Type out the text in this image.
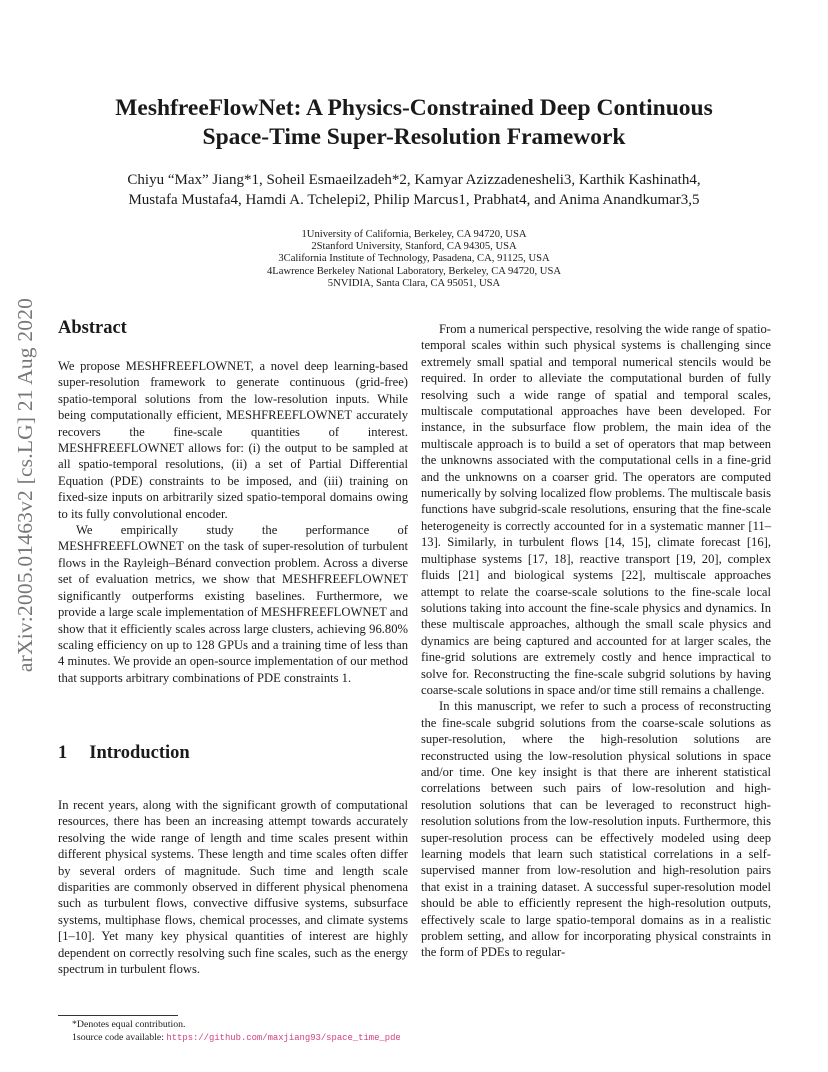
MeshfreeFlowNet: A Physics-Constrained Deep Continuous
Space-Time Super-Resolution Framework
Chiyu “Max” Jiang*1, Soheil Esmaeilzadeh*2, Kamyar Azizzadenesheli3, Karthik Kashinath4,
Mustafa Mustafa4, Hamdi A. Tchelepi2, Philip Marcus1, Prabhat4, and Anima Anandkumar3,5
1University of California, Berkeley, CA 94720, USA
2Stanford University, Stanford, CA 94305, USA
3California Institute of Technology, Pasadena, CA, 91125, USA
4Lawrence Berkeley National Laboratory, Berkeley, CA 94720, USA
5NVIDIA, Santa Clara, CA 95051, USA
arXiv:2005.01463v2 [cs.LG] 21 Aug 2020 Abstract

We propose MESHFREEFLOWNET, a novel deep learning-based super-resolution framework to generate continuous (grid-free) spatio-temporal solutions from the low-resolution inputs. While being computationally efficient, MESHFREEFLOWNET accurately recovers the fine-scale quantities of interest. MESHFREEFLOWNET allows for: (i) the output to be sampled at all spatio-temporal resolutions, (ii) a set of Partial Differential Equation (PDE) constraints to be imposed, and (iii) training on fixed-size inputs on arbitrarily sized spatio-temporal domains owing to its fully convolutional encoder.

We empirically study the performance of MESHFREEFLOWNET on the task of super-resolution of turbulent flows in the Rayleigh–Bénard convection problem. Across a diverse set of evaluation metrics, we show that MESHFREEFLOWNET significantly outperforms existing baselines. Furthermore, we provide a large scale implementation of MESHFREEFLOWNET and show that it efficiently scales across large clusters, achieving 96.80% scaling efficiency on up to 128 GPUs and a training time of less than 4 minutes. We provide an open-source implementation of our method that supports arbitrary combinations of PDE constraints 1.

1 Introduction

In recent years, along with the significant growth of computational resources, there has been an increasing attempt towards accurately resolving the wide range of length and time scales present within different physical systems. These length and time scales often differ by several orders of magnitude. Such time and length scale disparities are commonly observed in different physical phenomena such as turbulent flows, convective diffusive systems, subsurface systems, multiphase flows, chemical processes, and climate systems [1–10]. Yet many key physical quantities of interest are highly dependent on correctly resolving such fine scales, such as the energy spectrum in turbulent flows.

From a numerical perspective, resolving the wide range of spatio-temporal scales within such physical systems is challenging since extremely small spatial and temporal numerical stencils would be required. In order to alleviate the computational burden of fully resolving such a wide range of spatial and temporal scales, multiscale computational approaches have been developed. For instance, in the subsurface flow problem, the main idea of the multiscale approach is to build a set of operators that map between the unknowns associated with the computational cells in a fine-grid and the unknowns on a coarser grid. The operators are computed numerically by solving localized flow problems. The multiscale basis functions have subgrid-scale resolutions, ensuring that the fine-scale heterogeneity is correctly accounted for in a systematic manner [11–13]. Similarly, in turbulent flows [14, 15], climate forecast [16], multiphase systems [17, 18], reactive transport [19, 20], complex fluids [21] and biological systems [22], multiscale approaches attempt to relate the coarse-scale solutions to the fine-scale local solutions taking into account the fine-scale physics and dynamics. In these multiscale approaches, although the small scale physics and dynamics are being captured and accounted for at larger scales, the fine-grid solutions are extremely costly and hence impractical to solve for. Reconstructing the fine-scale subgrid solutions by having coarse-scale solutions in space and/or time still remains a challenge.

In this manuscript, we refer to such a process of reconstructing the fine-scale subgrid solutions from the coarse-scale solutions as super-resolution, where the high-resolution solutions are reconstructed using the low-resolution physical solutions in space and/or time. One key insight is that there are inherent statistical correlations between such pairs of low-resolution and high-resolution solutions that can be leveraged to reconstruct high-resolution solutions from the low-resolution inputs. Furthermore, this super-resolution process can be effectively modeled using deep learning models that learn such statistical correlations in a self-supervised manner from low-resolution and high-resolution pairs that exist in a training dataset. A successful super-resolution model should be able to efficiently represent the high-resolution outputs, effectively scale to large spatio-temporal domains as in a realistic problem setting, and allow for incorporating physical constraints in the form of PDEs to regular-

*Denotes equal contribution.
1source code available: https://github.com/maxjiang93/space_time_pde
